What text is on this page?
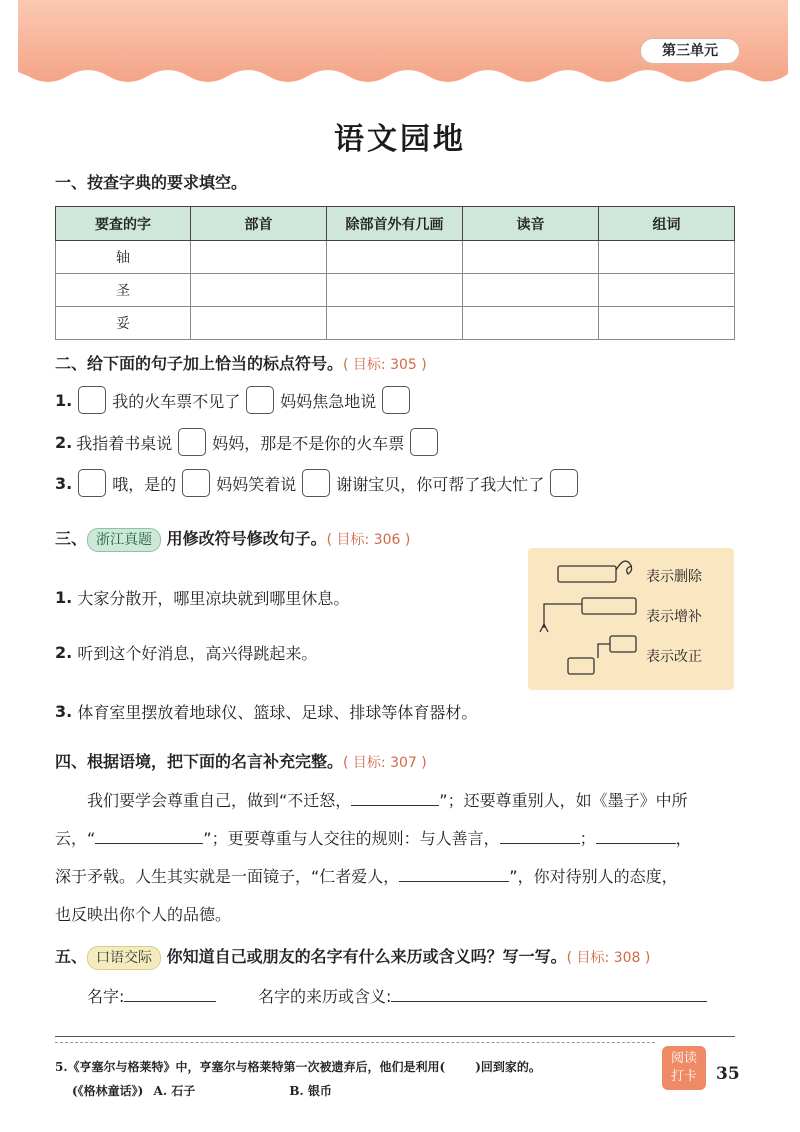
第三单元
语文园地
一、按查字典的要求填空。
要查的字	部首	除部首外有几画	读音	组词
轴				
圣				
妥				
二、给下面的句子加上恰当的标点符号。( 目标: 305 )
1.	我的火车票不见了	妈妈焦急地说
2. 我指着书桌说	妈妈，那是不是你的火车票
3.	哦，是的	妈妈笑着说	谢谢宝贝，你可帮了我大忙了
三、 浙江真题 用修改符号修改句子。( 目标: 306 )
1.
大家分散开，哪里凉块就到哪里休息。
2.
听到这个好消息，高兴得跳起来。
3.
体育室里摆放着地球仪、篮球、足球、排球等体育器材。
表示删除
表示增补
表示改正
四、根据语境，把下面的名言补充完整。( 目标: 307 )
我们要学会尊重自己，做到“不迁怒，	”；还要尊重别人，如《墨子》中所
云，“	”；更要尊重与人交往的规则：与人善言，	；	，
深于矛戟。人生其实就是一面镜子，“仁者爱人，	”，你对待别人的态度，
也反映出你个人的品德。
五、 口语交际 你知道自己或朋友的名字有什么来历或含义吗？写一写。( 目标: 308 )
名字:	名字的来历或含义:
5.《亨塞尔与格莱特》中，亨塞尔与格莱特第一次被遗弃后，他们是利用(	)回到家的。
(《格林童话》) A. 石子	B. 银币
阅读
打卡	35
